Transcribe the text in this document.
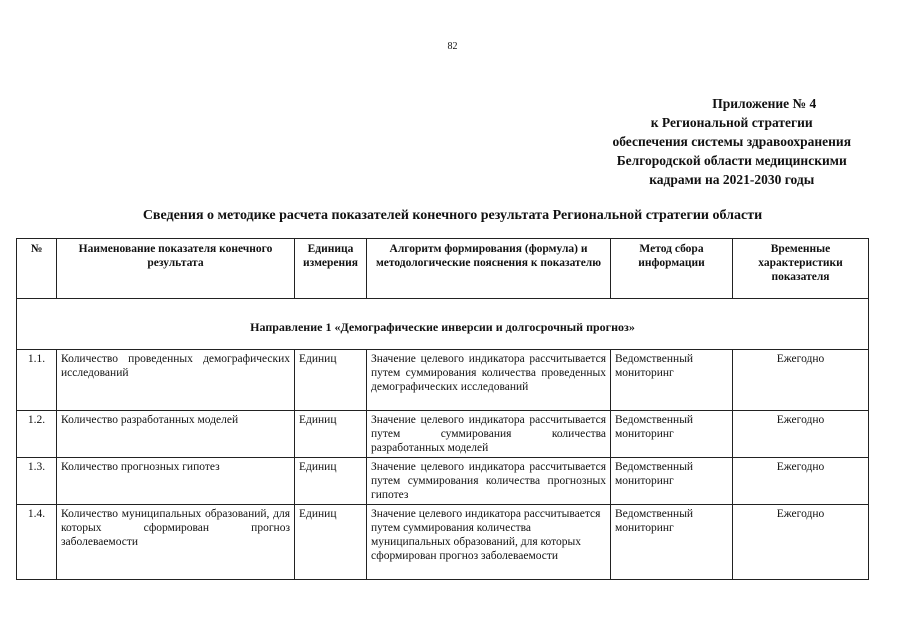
82
Приложение № 4
к Региональной стратегии
обеспечения системы здравоохранения
Белгородской области медицинскими
кадрами на 2021-2030 годы
Сведения о методике расчета показателей конечного результата Региональной стратегии области
№	Наименование показателя конечного результата	Единица измерения	Алгоритм формирования (формула) и методологические пояснения к показателю	Метод сбора информации	Временные характеристики показателя
Направление 1 «Демографические инверсии и долгосрочный прогноз»					
1.1.	Количество проведенных демографических исследований	Единиц	Значение целевого индикатора рассчитывается путем суммирования количества проведенных демографических исследований	Ведомственный мониторинг	Ежегодно
1.2.	Количество разработанных моделей	Единиц	Значение целевого индикатора рассчитывается путем суммирования количества разработанных моделей	Ведомственный мониторинг	Ежегодно
1.3.	Количество прогнозных гипотез	Единиц	Значение целевого индикатора рассчитывается путем суммирования количества прогнозных гипотез	Ведомственный мониторинг	Ежегодно
1.4.	Количество муниципальных образований, для которых сформирован прогноз заболеваемости	Единиц	Значение целевого индикатора рассчитывается путем суммирования количества муниципальных образований, для которых сформирован прогноз заболеваемости	Ведомственный мониторинг	Ежегодно
